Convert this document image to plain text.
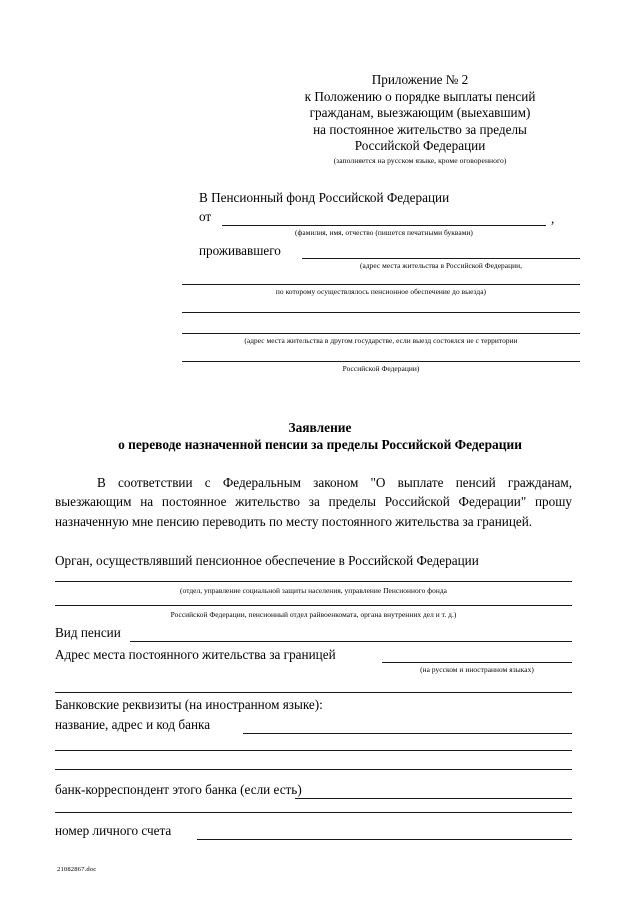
Приложение № 2
к Положению о порядке выплаты пенсий
гражданам, выезжающим (выехавшим)
на постоянное жительство за пределы
Российской Федерации
(заполняется на русском языке, кроме оговоренного)
В Пенсионный фонд Российской Федерации
от	,
(фамилия, имя, отчество (пишется печатными буквами)
проживавшего
(адрес места жительства в Российской Федерации,
по которому осуществлялось пенсионное обеспечение до выезда)
(адрес места жительства в другом государстве, если выезд состоялся не с территории
Российской Федерации)
Заявление
о переводе назначенной пенсии за пределы Российской Федерации
В соответствии с Федеральным законом "О выплате пенсий гражданам, выезжающим на постоянное жительство за пределы Российской Федерации" прошу назначенную мне пенсию переводить по месту постоянного жительства за границей.
Орган, осуществлявший пенсионное обеспечение в Российской Федерации
(отдел, управление социальной защиты населения, управление Пенсионного фонда
Российской Федерации, пенсионный отдел райвоенкомата, органа внутренних дел и т. д.)
Вид пенсии
Адрес места постоянного жительства за границей
(на русском и иностранном языках)
Банковские реквизиты (на иностранном языке):
название, адрес и код банка
банк-корреспондент этого банка (если есть)
номер личного счета
21082867.doc
